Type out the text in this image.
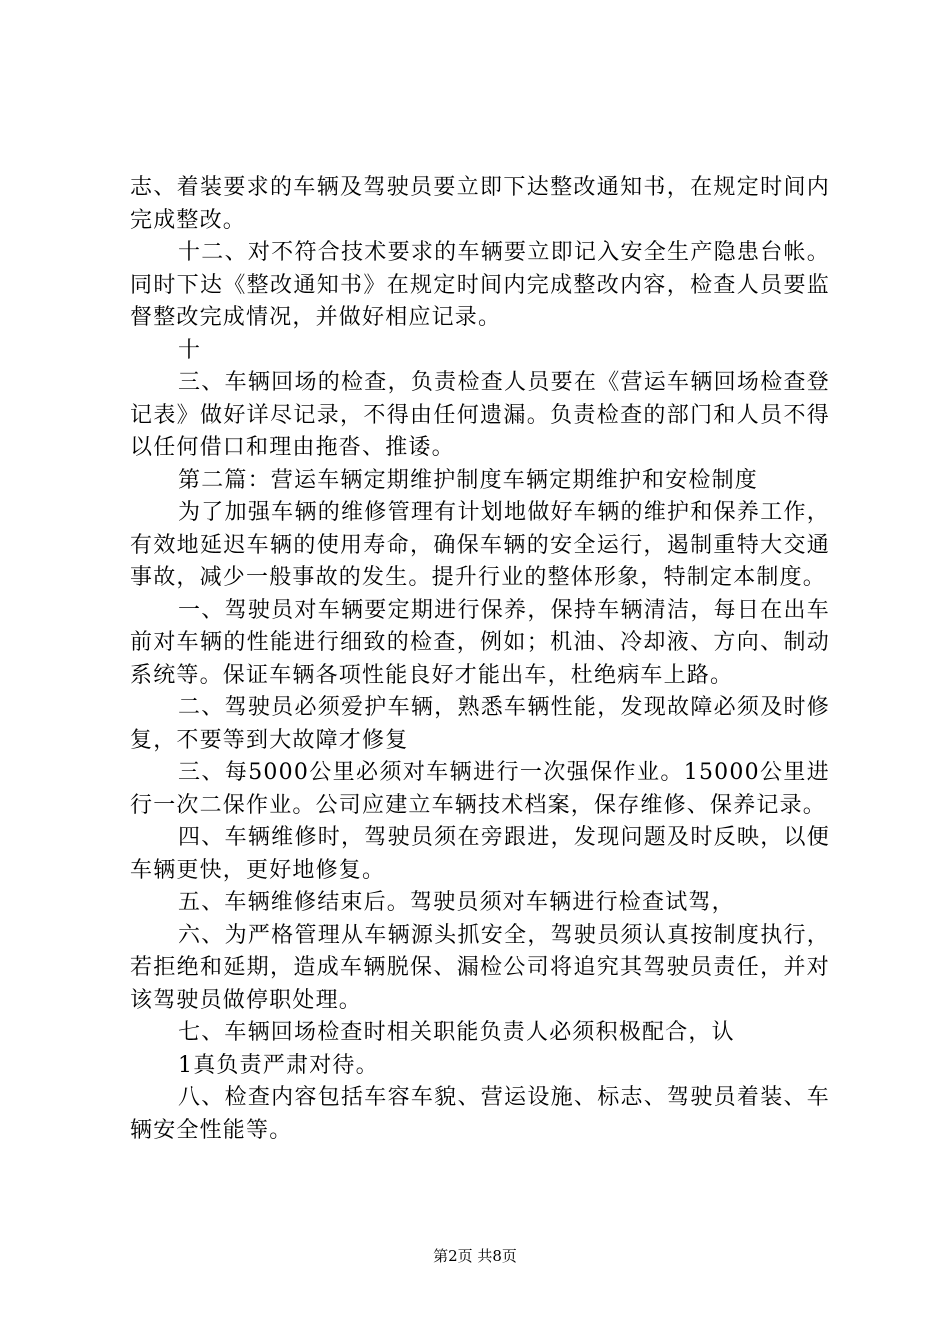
志、着装要求的车辆及驾驶员要立即下达整改通知书，在规定时间内完成整改。

十二、对不符合技术要求的车辆要立即记入安全生产隐患台帐。同时下达《整改通知书》在规定时间内完成整改内容，检查人员要监督整改完成情况，并做好相应记录。

十

三、车辆回场的检查，负责检查人员要在《营运车辆回场检查登记表》做好详尽记录，不得由任何遗漏。负责检查的部门和人员不得以任何借口和理由拖沓、推诿。

第二篇：营运车辆定期维护制度车辆定期维护和安检制度

为了加强车辆的维修管理有计划地做好车辆的维护和保养工作，有效地延迟车辆的使用寿命，确保车辆的安全运行，遏制重特大交通事故，减少一般事故的发生。提升行业的整体形象，特制定本制度。

一、驾驶员对车辆要定期进行保养，保持车辆清洁，每日在出车前对车辆的性能进行细致的检查，例如；机油、冷却液、方向、制动系统等。保证车辆各项性能良好才能出车，杜绝病车上路。

二、驾驶员必须爱护车辆，熟悉车辆性能，发现故障必须及时修复，不要等到大故障才修复

三、每5000公里必须对车辆进行一次强保作业。15000公里进行一次二保作业。公司应建立车辆技术档案，保存维修、保养记录。

四、车辆维修时，驾驶员须在旁跟进，发现问题及时反映，以便车辆更快，更好地修复。

五、车辆维修结束后。驾驶员须对车辆进行检查试驾，

六、为严格管理从车辆源头抓安全，驾驶员须认真按制度执行，若拒绝和延期，造成车辆脱保、漏检公司将追究其驾驶员责任，并对该驾驶员做停职处理。

七、车辆回场检查时相关职能负责人必须积极配合，认

1真负责严肃对待。

八、检查内容包括车容车貌、营运设施、标志、驾驶员着装、车辆安全性能等。

第2页 共8页
